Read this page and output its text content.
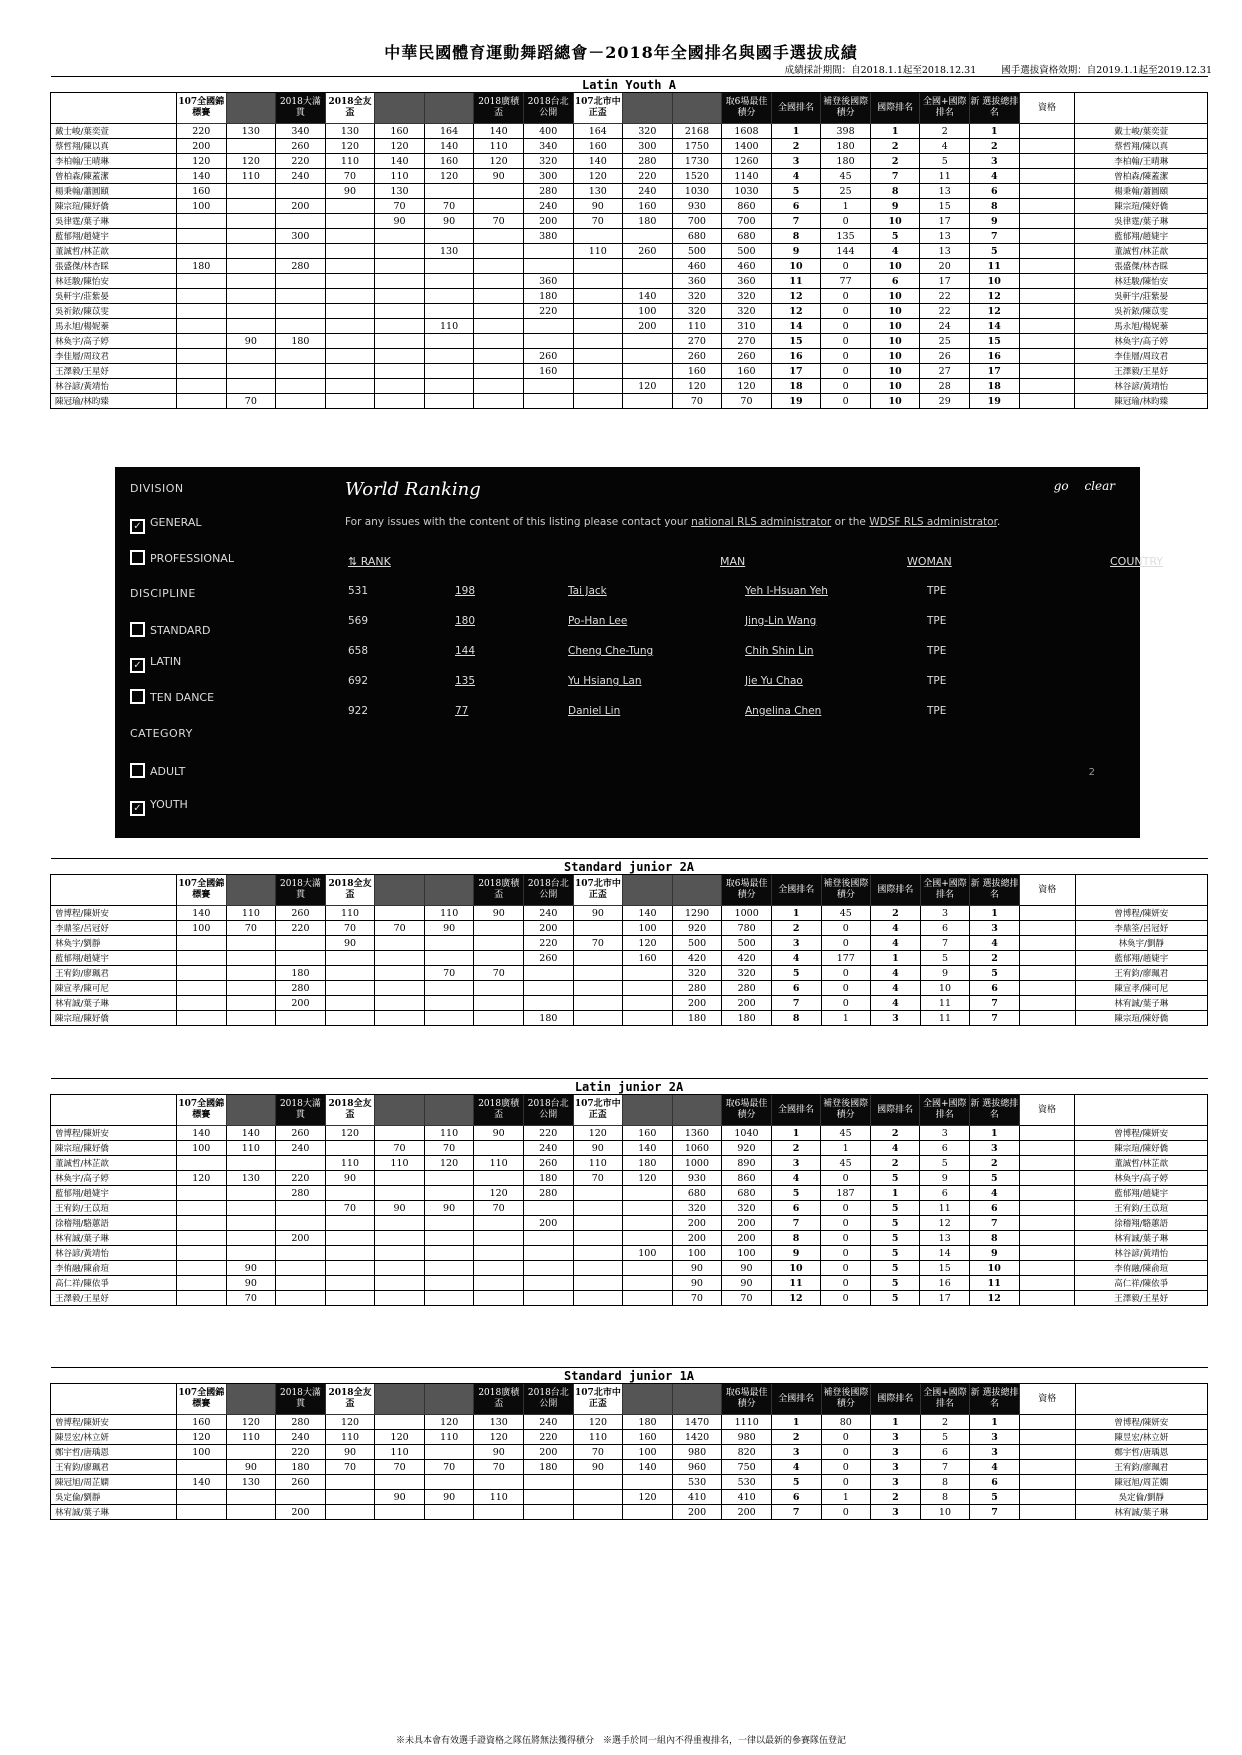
中華民國體育運動舞蹈總會－2018年全國排名與國手選拔成績
成績採計期間：自2018.1.1起至2018.12.31	國手選拔資格效期：自2019.1.1起至2019.12.31
Latin Youth A																			
	107全國錦標賽		2018大滿貫	2018全友盃			2018廣積盃	2018台北公開	107北市中正盃			取6場最佳積分	全國排名	補登後國際積分	國際排名	全國+國際排名	新 選拔總排名	資格	
戴士峻/葉奕萱	220	130	340	130	160	164	140	400	164	320	2168	1608	1	398	1	2	1		戴士峻/葉奕萱
蔡哲翔/陳以真	200		260	120	120	140	110	340	160	300	1750	1400	2	180	2	4	2		蔡哲翔/陳以真
李柏翰/王晴琳	120	120	220	110	140	160	120	320	140	280	1730	1260	3	180	2	5	3		李柏翰/王晴琳
曾柏森/陳蓋潔	140	110	240	70	110	120	90	300	120	220	1520	1140	4	45	7	11	4		曾柏森/陳蓋潔
楊秉翰/蕭圓頤	160			90	130			280	130	240	1030	1030	5	25	8	13	6		楊秉翰/蕭圓頤
陳宗瑄/陳妤僑	100		200		70	70		240	90	160	930	860	6	1	9	15	8		陳宗瑄/陳妤僑
吳律霆/葉子琳					90	90	70	200	70	180	700	700	7	0	10	17	9		吳律霆/葉子琳
藍郁翔/趙婕宇			300					380			680	680	8	135	5	13	7		藍郁翔/趙婕宇
董誠哲/林芷歆						130			110	260	500	500	9	144	4	13	5		董誠哲/林芷歆
張盛傑/林杏睬	180		280								460	460	10	0	10	20	11		張盛傑/林杏睬
林廷駿/陳怡安								360			360	360	11	77	6	17	10		林廷駿/陳怡安
吳軒宇/莊紫晏								180		140	320	320	12	0	10	22	12		吳軒宇/莊紫晏
吳祈銥/陳苡雯								220		100	320	320	12	0	10	22	12		吳祈銥/陳苡雯
馬永旭/楊妮蓁						110				200	110	310	14	0	10	24	14		馬永旭/楊妮蓁
林奐宇/高子婷		90	180								270	270	15	0	10	25	15		林奐宇/高子婷
李佳層/周玟君								260			260	260	16	0	10	26	16		李佳層/周玟君
王澤毅/王星妤								160			160	160	17	0	10	27	17		王澤毅/王星妤
林谷諺/黃靖怡										120	120	120	18	0	10	28	18		林谷諺/黃靖怡
陳冠瑜/林昀臻		70									70	70	19	0	10	29	19		陳冠瑜/林昀臻
DIVISION
✓ GENERAL
PROFESSIONAL
DISCIPLINE
STANDARD
✓ LATIN
TEN DANCE
CATEGORY
ADULT
✓ YOUTH
World Ranking	go clear
For any issues with the content of this listing please contact your national RLS administrator or the WDSF RLS administrator.
⇅ RANK	MAN	WOMAN	COUNTRY
531	198	Tai Jack	Yeh I-Hsuan Yeh	TPE
569	180	Po-Han Lee	Jing-Lin Wang	TPE
658	144	Cheng Che-Tung	Chih Shin Lin	TPE
692	135	Yu Hsiang Lan	Jie Yu Chao	TPE
922	77	Daniel Lin	Angelina Chen	TPE
2
Standard junior 2A																			
	107全國錦標賽		2018大滿貫	2018全友盃			2018廣積盃	2018台北公開	107北市中正盃			取6場最佳積分	全國排名	補登後國際積分	國際排名	全國+國際排名	新 選拔總排名	資格	
曾博程/陳妍安	140	110	260	110		110	90	240	90	140	1290	1000	1	45	2	3	1		曾博程/陳妍安
李鼎筌/呂冠妤	100	70	220	70	70	90		200		100	920	780	2	0	4	6	3		李鼎筌/呂冠妤
林奐宇/劉靜				90				220	70	120	500	500	3	0	4	7	4		林奐宇/劉靜
藍郁翔/趙婕宇								260		160	420	420	4	177	1	5	2		藍郁翔/趙婕宇
王宥鈞/廖珮君			180			70	70				320	320	5	0	4	9	5		王宥鈞/廖珮君
陳宣孝/陳可尼			280								280	280	6	0	4	10	6		陳宣孝/陳可尼
林宥誠/葉子琳			200								200	200	7	0	4	11	7		林宥誠/葉子琳
陳宗瑄/陳妤僑								180			180	180	8	1	3	11	7		陳宗瑄/陳妤僑
Latin junior 2A																			
	107全國錦標賽		2018大滿貫	2018全友盃			2018廣積盃	2018台北公開	107北市中正盃			取6場最佳積分	全國排名	補登後國際積分	國際排名	全國+國際排名	新 選拔總排名	資格	
曾博程/陳妍安	140	140	260	120		110	90	220	120	160	1360	1040	1	45	2	3	1		曾博程/陳妍安
陳宗瑄/陳妤僑	100	110	240		70	70		240	90	140	1060	920	2	1	4	6	3		陳宗瑄/陳妤僑
董誠哲/林芷歆				110	110	120	110	260	110	180	1000	890	3	45	2	5	2		董誠哲/林芷歆
林奐宇/高子婷	120	130	220	90				180	70	120	930	860	4	0	5	9	5		林奐宇/高子婷
藍郁翔/趙婕宇			280				120	280			680	680	5	187	1	6	4		藍郁翔/趙婕宇
王宥鈞/王苡瑄				70	90	90	70				320	320	6	0	5	11	6		王宥鈞/王苡瑄
徐稽翔/駱蕙語								200			200	200	7	0	5	12	7		徐稽翔/駱蕙語
林宥誠/葉子琳			200								200	200	8	0	5	13	8		林宥誠/葉子琳
林谷諺/黃靖怡										100	100	100	9	0	5	14	9		林谷諺/黃靖怡
李侑融/陳俞瑄		90									90	90	10	0	5	15	10		李侑融/陳俞瑄
高仁祥/陳依爭		90									90	90	11	0	5	16	11		高仁祥/陳依爭
王澤毅/王星妤		70									70	70	12	0	5	17	12		王澤毅/王星妤
Standard junior 1A																			
	107全國錦標賽		2018大滿貫	2018全友盃			2018廣積盃	2018台北公開	107北市中正盃			取6場最佳積分	全國排名	補登後國際積分	國際排名	全國+國際排名	新 選拔總排名	資格	
曾博程/陳妍安	160	120	280	120		120	130	240	120	180	1470	1110	1	80	1	2	1		曾博程/陳妍安
陳昱宏/林立妍	120	110	240	110	120	110	120	220	110	160	1420	980	2	0	3	5	3		陳昱宏/林立妍
鄭宇哲/唐瑀恩	100		220	90	110		90	200	70	100	980	820	3	0	3	6	3		鄭宇哲/唐瑀恩
王宥鈞/廖珮君		90	180	70	70	70	70	180	90	140	960	750	4	0	3	7	4		王宥鈞/廖珮君
陳冠旭/周芷嫻	140	130	260								530	530	5	0	3	8	6		陳冠旭/周芷嫻
吳定倫/劉靜					90	90	110			120	410	410	6	1	2	8	5		吳定倫/劉靜
林宥誠/葉子琳			200								200	200	7	0	3	10	7		林宥誠/葉子琳
※未具本會有效選手證資格之隊伍將無法獲得積分　※選手於同一組內不得重複排名，一律以最新的參賽隊伍登記
